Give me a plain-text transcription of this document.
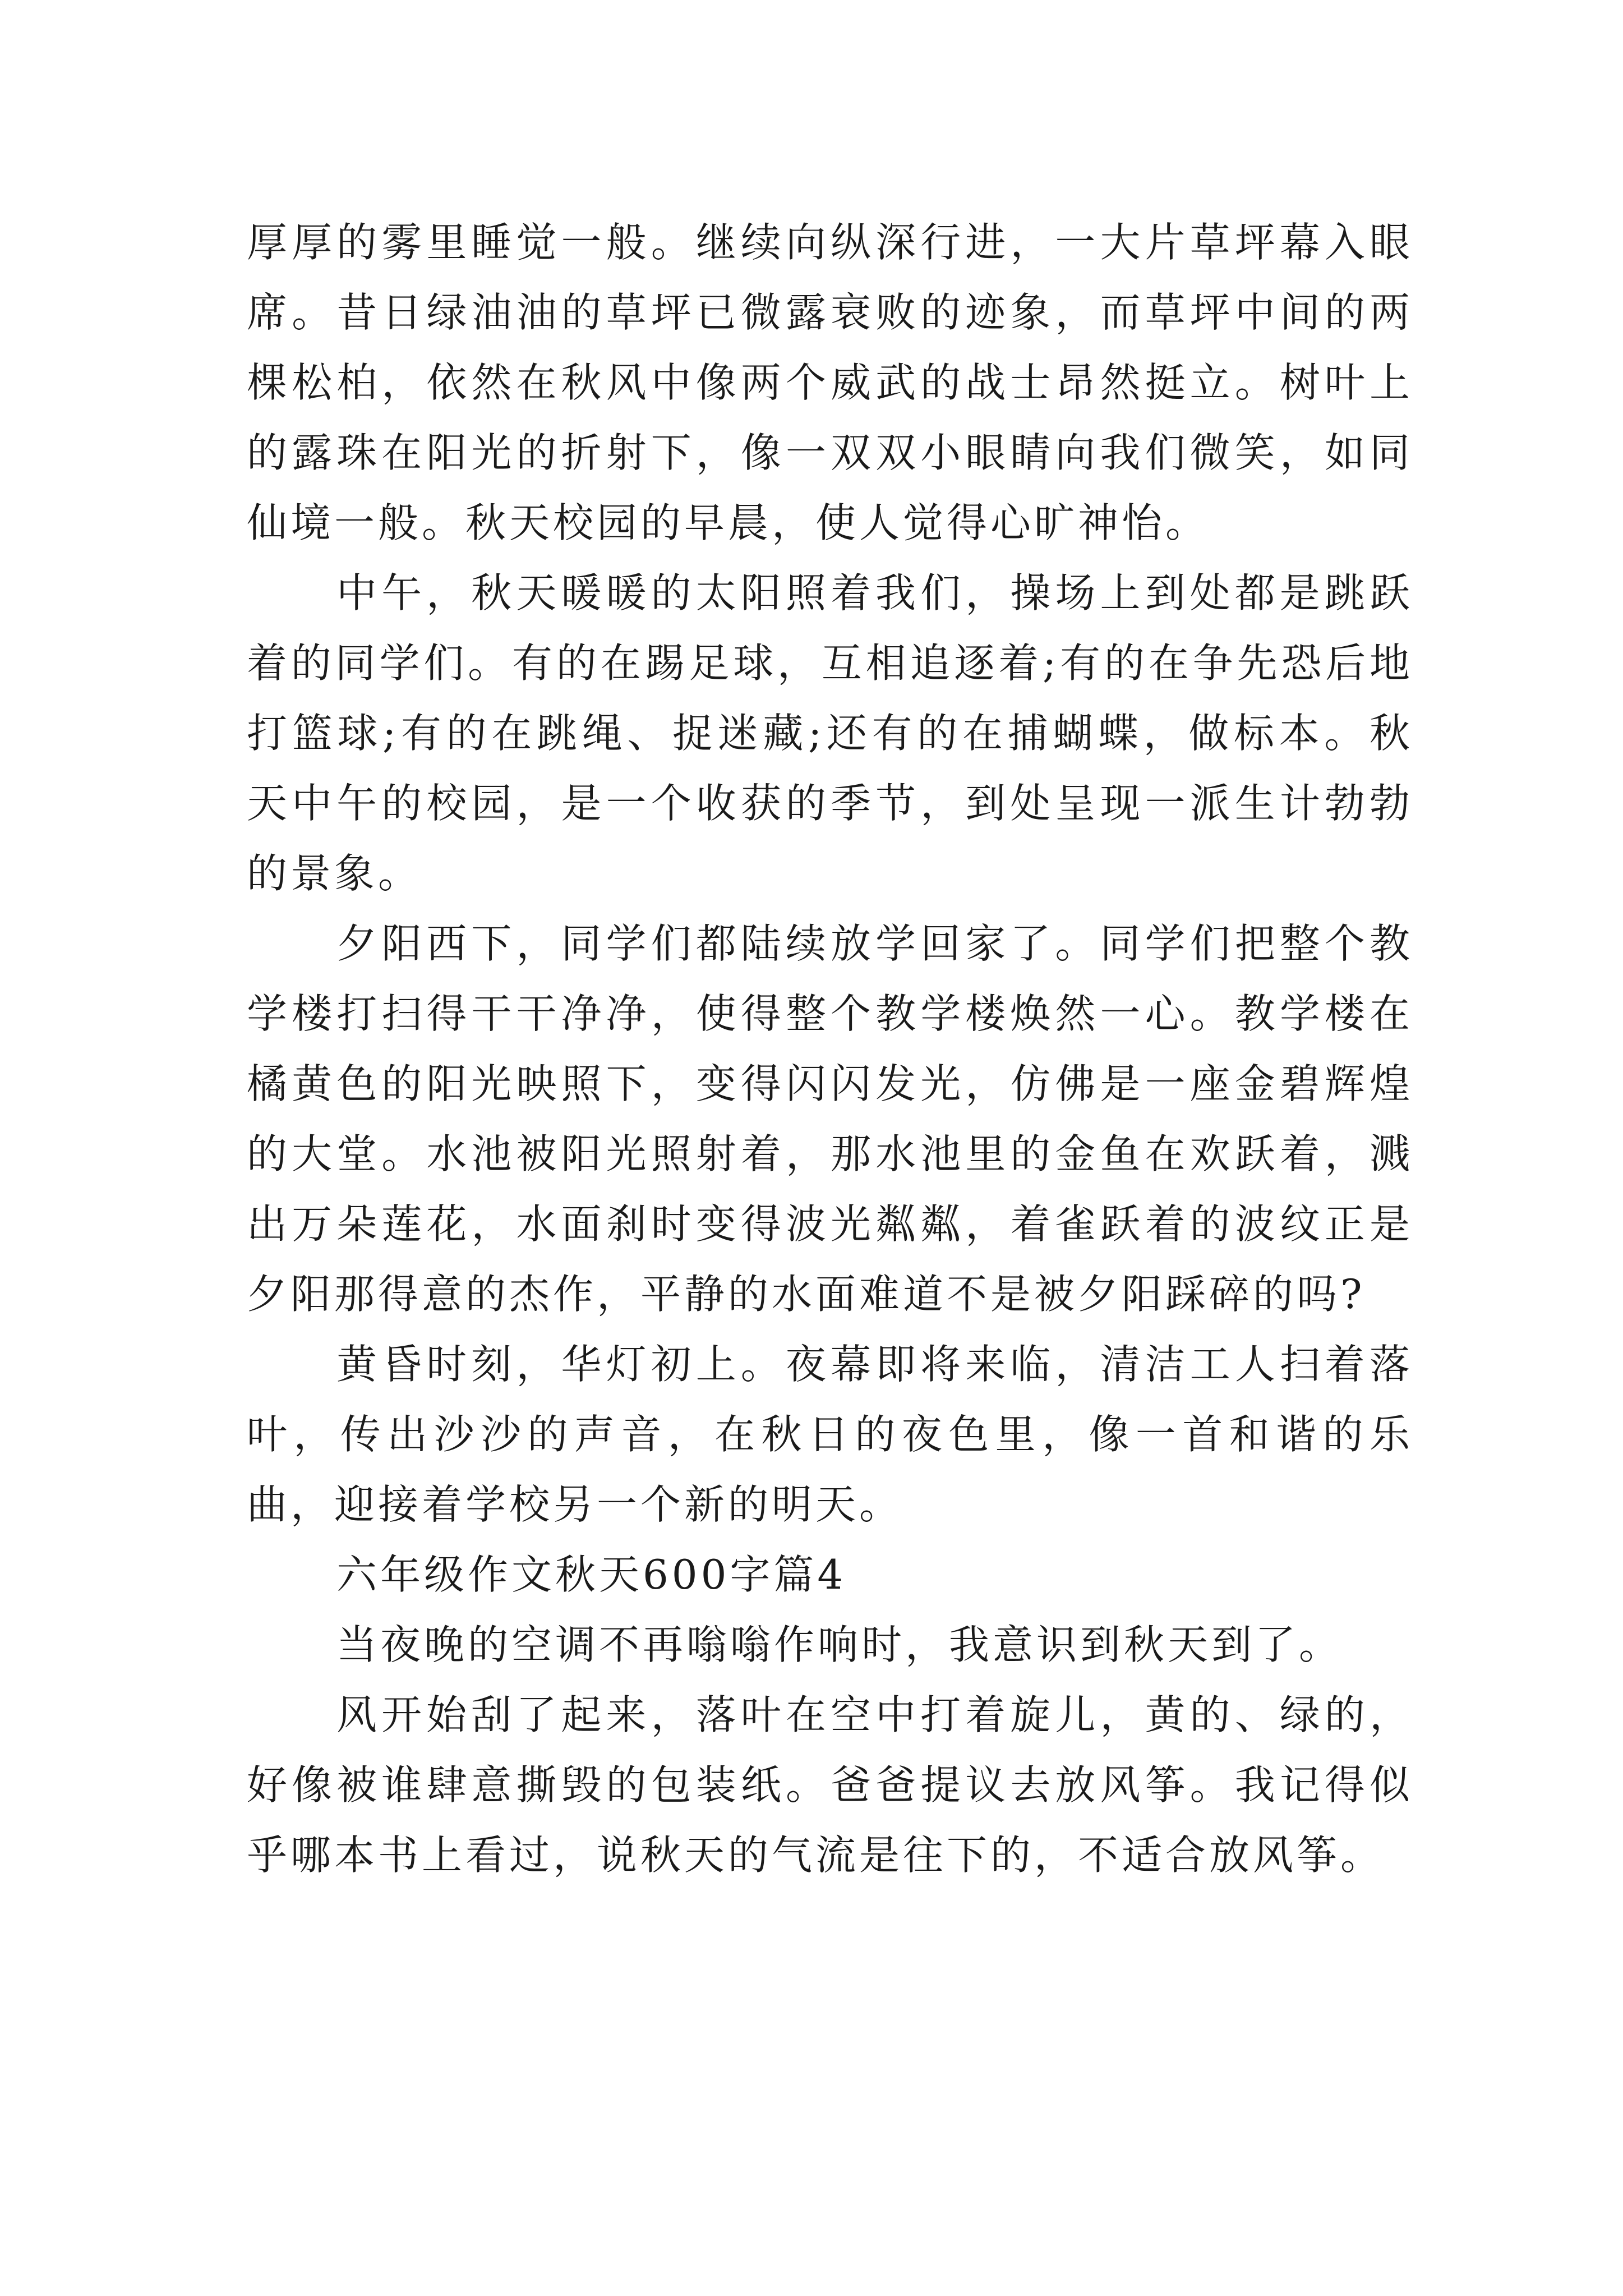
厚厚的雾里睡觉一般。继续向纵深行进，一大片草坪幕入眼席。昔日绿油油的草坪已微露衰败的迹象，而草坪中间的两棵松柏，依然在秋风中像两个威武的战士昂然挺立。树叶上的露珠在阳光的折射下，像一双双小眼睛向我们微笑，如同仙境一般。秋天校园的早晨，使人觉得心旷神怡。

中午，秋天暖暖的太阳照着我们，操场上到处都是跳跃着的同学们。有的在踢足球，互相追逐着;有的在争先恐后地打篮球;有的在跳绳、捉迷藏;还有的在捕蝴蝶，做标本。秋天中午的校园，是一个收获的季节，到处呈现一派生计勃勃的景象。

夕阳西下，同学们都陆续放学回家了。同学们把整个教学楼打扫得干干净净，使得整个教学楼焕然一心。教学楼在橘黄色的阳光映照下，变得闪闪发光，仿佛是一座金碧辉煌的大堂。水池被阳光照射着，那水池里的金鱼在欢跃着，溅出万朵莲花，水面刹时变得波光粼粼，着雀跃着的波纹正是夕阳那得意的杰作，平静的水面难道不是被夕阳踩碎的吗?

黄昏时刻，华灯初上。夜幕即将来临，清洁工人扫着落叶，传出沙沙的声音，在秋日的夜色里，像一首和谐的乐曲，迎接着学校另一个新的明天。

六年级作文秋天600字篇4

当夜晚的空调不再嗡嗡作响时，我意识到秋天到了。

风开始刮了起来，落叶在空中打着旋儿，黄的、绿的，好像被谁肆意撕毁的包装纸。爸爸提议去放风筝。我记得似乎哪本书上看过，说秋天的气流是往下的，不适合放风筝。
